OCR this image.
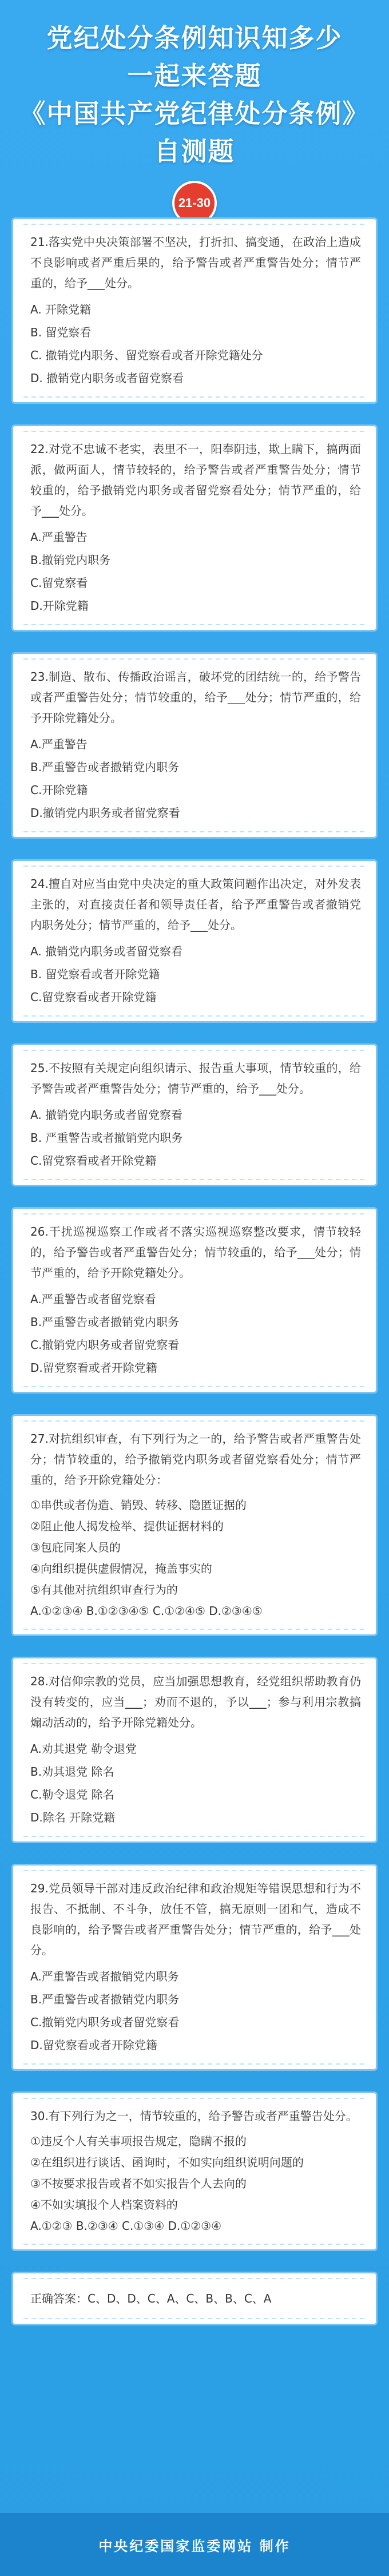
党纪处分条例知识知多少
一起来答题
《中国共产党纪律处分条例》
自测题
21-30
21.落实党中央决策部署不坚决，打折扣、搞变通，在政治上造成不良影响或者严重后果的，给予警告或者严重警告处分；情节严重的，给予___处分。
A. 开除党籍
B. 留党察看
C. 撤销党内职务、留党察看或者开除党籍处分
D. 撤销党内职务或者留党察看
22.对党不忠诚不老实，表里不一，阳奉阴违，欺上瞒下，搞两面派，做两面人，情节较轻的，给予警告或者严重警告处分；情节较重的，给予撤销党内职务或者留党察看处分；情节严重的，给予___处分。
A.严重警告
B.撤销党内职务
C.留党察看
D.开除党籍
23.制造、散布、传播政治谣言，破坏党的团结统一的，给予警告或者严重警告处分；情节较重的，给予___处分；情节严重的，给予开除党籍处分。
A.严重警告
B.严重警告或者撤销党内职务
C.开除党籍
D.撤销党内职务或者留党察看
24.擅自对应当由党中央决定的重大政策问题作出决定，对外发表主张的，对直接责任者和领导责任者，给予严重警告或者撤销党内职务处分；情节严重的，给予___处分。
A. 撤销党内职务或者留党察看
B. 留党察看或者开除党籍
C.留党察看或者开除党籍
25.不按照有关规定向组织请示、报告重大事项，情节较重的，给予警告或者严重警告处分；情节严重的，给予___处分。
A. 撤销党内职务或者留党察看
B. 严重警告或者撤销党内职务
C.留党察看或者开除党籍
26.干扰巡视巡察工作或者不落实巡视巡察整改要求，情节较轻的，给予警告或者严重警告处分；情节较重的，给予___处分；情节严重的，给予开除党籍处分。
A.严重警告或者留党察看
B.严重警告或者撤销党内职务
C.撤销党内职务或者留党察看
D.留党察看或者开除党籍
27.对抗组织审查，有下列行为之一的，给予警告或者严重警告处分；情节较重的，给予撤销党内职务或者留党察看处分；情节严重的，给予开除党籍处分：
①串供或者伪造、销毁、转移、隐匿证据的
②阻止他人揭发检举、提供证据材料的
③包庇同案人员的
④向组织提供虚假情况，掩盖事实的
⑤有其他对抗组织审查行为的
A.①②③④ B.①②③④⑤ C.①②④⑤ D.②③④⑤
28.对信仰宗教的党员，应当加强思想教育，经党组织帮助教育仍没有转变的，应当___；劝而不退的，予以___；参与利用宗教搞煽动活动的，给予开除党籍处分。
A.劝其退党 勒令退党
B.劝其退党 除名
C.勒令退党 除名
D.除名 开除党籍
29.党员领导干部对违反政治纪律和政治规矩等错误思想和行为不报告、不抵制、不斗争，放任不管，搞无原则一团和气，造成不良影响的，给予警告或者严重警告处分；情节严重的，给予___处分。
A.严重警告或者撤销党内职务
B.严重警告或者撤销党内职务
C.撤销党内职务或者留党察看
D.留党察看或者开除党籍
30.有下列行为之一，情节较重的，给予警告或者严重警告处分。
①违反个人有关事项报告规定，隐瞒不报的
②在组织进行谈话、函询时，不如实向组织说明问题的
③不按要求报告或者不如实报告个人去向的
④不如实填报个人档案资料的
A.①②③ B.②③④ C.①③④ D.①②③④
正确答案：C、D、D、C、A、C、B、B、C、A
中央纪委国家监委网站 制作
